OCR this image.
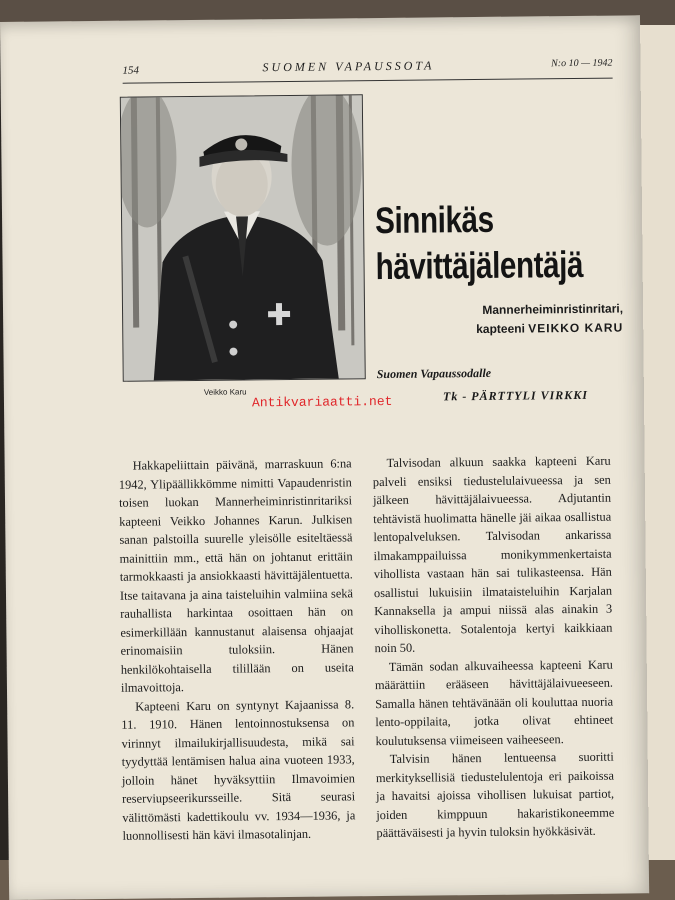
154	SUOMEN VAPAUSSOTA	N:o 10 — 1942
Veikko Karu
Antikvariaatti.net
Sinnikäs
hävittäjälentäjä
Mannerheiminristinritari,
kapteeni VEIKKO KARU
Suomen Vapaussodalle
Tk - PÄRTTYLI VIRKKI

Hakkapeliittain päivänä, marraskuun 6:na 1942, Ylipäällikkömme nimitti Vapaudenristin toisen luokan Mannerheiminristinritariksi kapteeni Veikko Johannes Karun. Julkisen sanan palstoilla suurelle yleisölle esiteltäessä mainittiin mm., että hän on johtanut erittäin tarmokkaasti ja ansiokkaasti hävittäjälentuetta. Itse taitavana ja aina taisteluihin valmiina sekä rauhallista harkintaa osoittaen hän on esimerkillään kannustanut alaisensa ohjaajat erinomaisiin tuloksiin. Hänen henkilökohtaisella tilillään on useita ilmavoittoja.

Kapteeni Karu on syntynyt Kajaanissa 8. 11. 1910. Hänen lentoinnostuksensa on virinnyt ilmailukirjallisuudesta, mikä sai tyydyttää lentämisen halua aina vuoteen 1933, jolloin hänet hyväksyttiin Ilmavoimien reserviupseerikursseille. Sitä seurasi välittömästi kadettikoulu vv. 1934—1936, ja luonnollisesti hän kävi ilmasotalinjan.

Talvisodan alkuun saakka kapteeni Karu palveli ensiksi tiedustelulaivueessa ja sen jälkeen hävittäjälaivueessa. Adjutantin tehtävistä huolimatta hänelle jäi aikaa osallistua lentopalveluksen. Talvisodan ankarissa ilmakamppailuissa monikymmenkertaista vihollista vastaan hän sai tulikasteensa. Hän osallistui lukuisiin ilmataisteluihin Karjalan Kannaksella ja ampui niissä alas ainakin 3 viholliskonetta. Sotalentoja kertyi kaikkiaan noin 50.

Tämän sodan alkuvaiheessa kapteeni Karu määrättiin erääseen hävittäjälaivueeseen. Samalla hänen tehtävänään oli kouluttaa nuoria lento-oppilaita, jotka olivat ehtineet koulutuksensa viimeiseen vaiheeseen.

Talvisin hänen lentueensa suoritti merkityksellisiä tiedustelulentoja eri paikoissa ja havaitsi ajoissa vihollisen lukuisat partiot, joiden kimppuun hakaristikoneemme päättäväisesti ja hyvin tuloksin hyökkäsivät.
